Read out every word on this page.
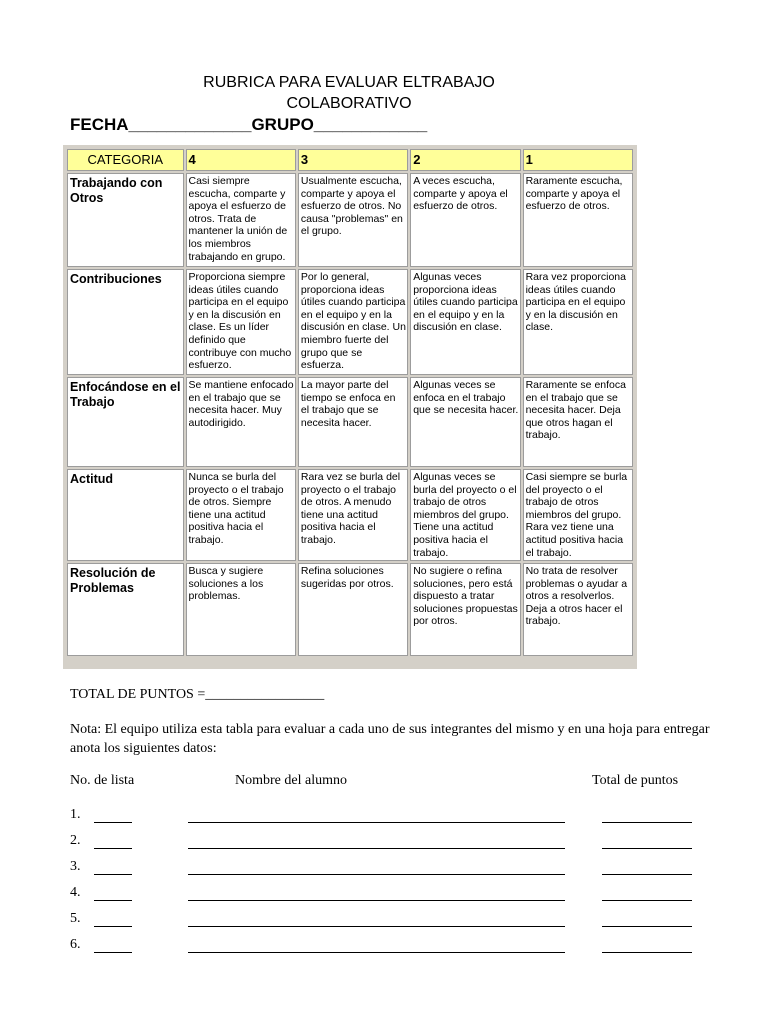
RUBRICA PARA EVALUAR ELTRABAJO
COLABORATIVO
FECHA_____________GRUPO____________
CATEGORIA	4	3	2	1
Trabajando con Otros	Casi siempre escucha, comparte y apoya el esfuerzo de otros. Trata de mantener la unión de los miembros trabajando en grupo.	Usualmente escucha, comparte y apoya el esfuerzo de otros. No causa "problemas" en el grupo.	A veces escucha, comparte y apoya el esfuerzo de otros.	Raramente escucha, comparte y apoya el esfuerzo de otros.
Contribuciones	Proporciona siempre ideas útiles cuando participa en el equipo y en la discusión en clase. Es un líder definido que contribuye con mucho esfuerzo.	Por lo general, proporciona ideas útiles cuando participa en el equipo y en la discusión en clase. Un miembro fuerte del grupo que se esfuerza.	Algunas veces proporciona ideas útiles cuando participa en el equipo y en la discusión en clase.	Rara vez proporciona ideas útiles cuando participa en el equipo y en la discusión en clase.
Enfocándose en el Trabajo	Se mantiene enfocado en el trabajo que se necesita hacer. Muy autodirigido.	La mayor parte del tiempo se enfoca en el trabajo que se necesita hacer.	Algunas veces se enfoca en el trabajo que se necesita hacer.	Raramente se enfoca en el trabajo que se necesita hacer. Deja que otros hagan el trabajo.
Actitud	Nunca se burla del proyecto o el trabajo de otros. Siempre tiene una actitud positiva hacia el trabajo.	Rara vez se burla del proyecto o el trabajo de otros. A menudo tiene una actitud positiva hacia el trabajo.	Algunas veces se burla del proyecto o el trabajo de otros miembros del grupo. Tiene una actitud positiva hacia el trabajo.	Casi siempre se burla del proyecto o el trabajo de otros miembros del grupo. Rara vez tiene una actitud positiva hacia el trabajo.
Resolución de Problemas	Busca y sugiere soluciones a los problemas.	Refina soluciones sugeridas por otros.	No sugiere o refina soluciones, pero está dispuesto a tratar soluciones propuestas por otros.	No trata de resolver problemas o ayudar a otros a resolverlos. Deja a otros hacer el trabajo.
TOTAL DE PUNTOS =_________________
Nota: El equipo utiliza esta tabla para evaluar a cada uno de sus integrantes del mismo y en una hoja para entregar anota los siguientes datos:
No. de lista	Nombre del alumno	Total de puntos
1.
2.
3.
4.
5.
6.
